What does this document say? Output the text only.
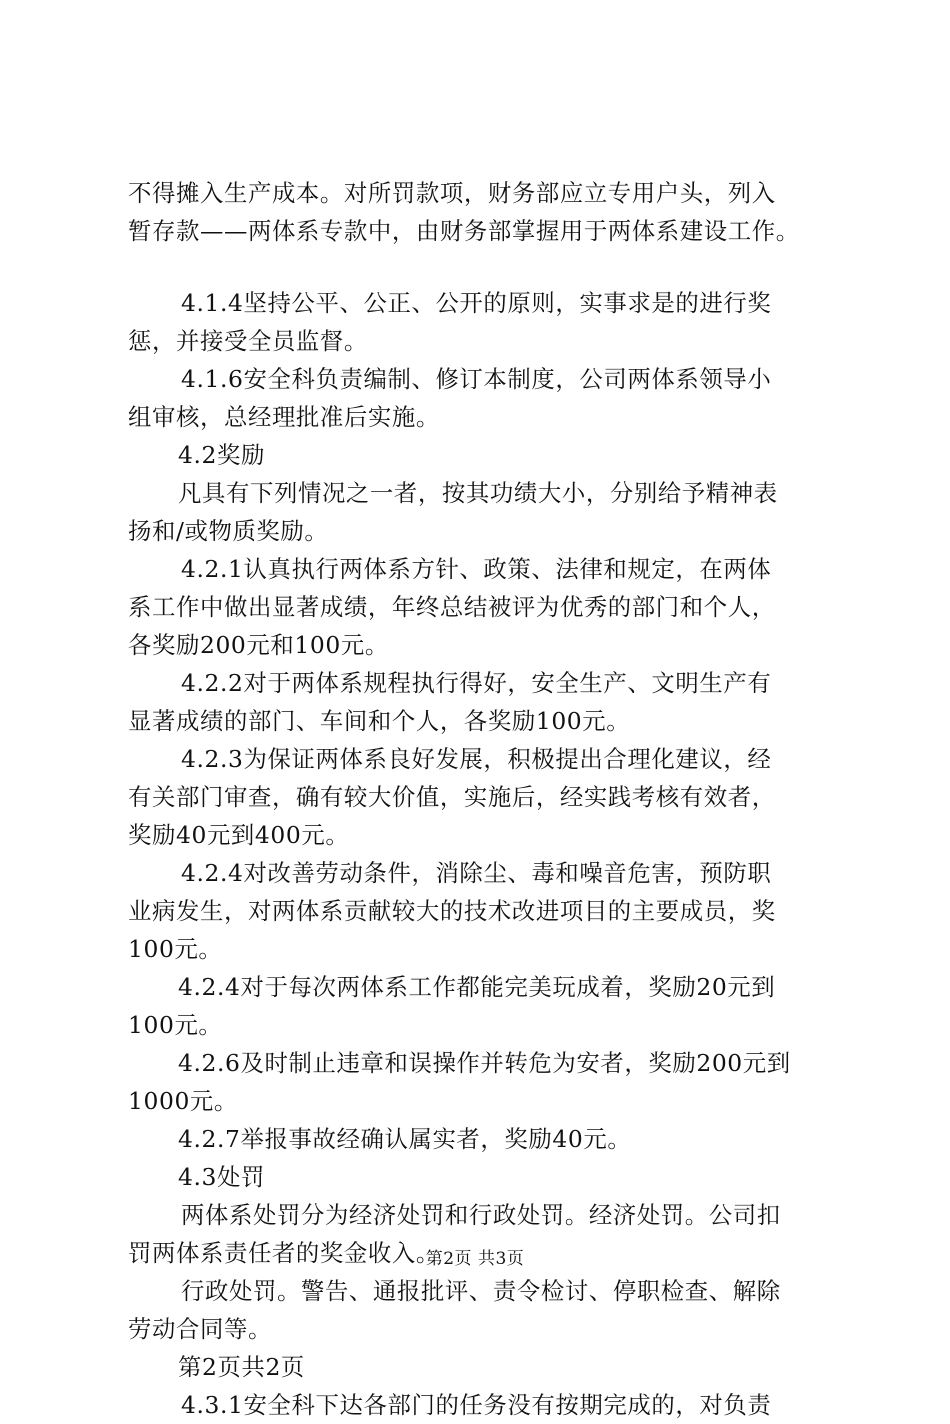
不得摊入生产成本。对所罚款项，财务部应立专用户头，列入
暂存款——两体系专款中，由财务部掌握用于两体系建设工作。
4.1.4坚持公平、公正、公开的原则，实事求是的进行奖
惩，并接受全员监督。
4.1.6安全科负责编制、修订本制度，公司两体系领导小
组审核，总经理批准后实施。
4.2奖励
凡具有下列情况之一者，按其功绩大小，分别给予精神表
扬和/或物质奖励。
4.2.1认真执行两体系方针、政策、法律和规定，在两体
系工作中做出显著成绩，年终总结被评为优秀的部门和个人，
各奖励200元和100元。
4.2.2对于两体系规程执行得好，安全生产、文明生产有
显著成绩的部门、车间和个人，各奖励100元。
4.2.3为保证两体系良好发展，积极提出合理化建议，经
有关部门审查，确有较大价值，实施后，经实践考核有效者，
奖励40元到400元。
4.2.4对改善劳动条件，消除尘、毒和噪音危害，预防职
业病发生，对两体系贡献较大的技术改进项目的主要成员，奖
100元。
4.2.4对于每次两体系工作都能完美玩成着，奖励20元到
100元。
4.2.6及时制止违章和误操作并转危为安者，奖励200元到
1000元。
4.2.7举报事故经确认属实者，奖励40元。
4.3处罚
两体系处罚分为经济处罚和行政处罚。经济处罚。公司扣
罚两体系责任者的奖金收入。
行政处罚。警告、通报批评、责令检讨、停职检查、解除
劳动合同等。
第2页共2页
4.3.1安全科下达各部门的任务没有按期完成的，对负责
第2页 共3页
